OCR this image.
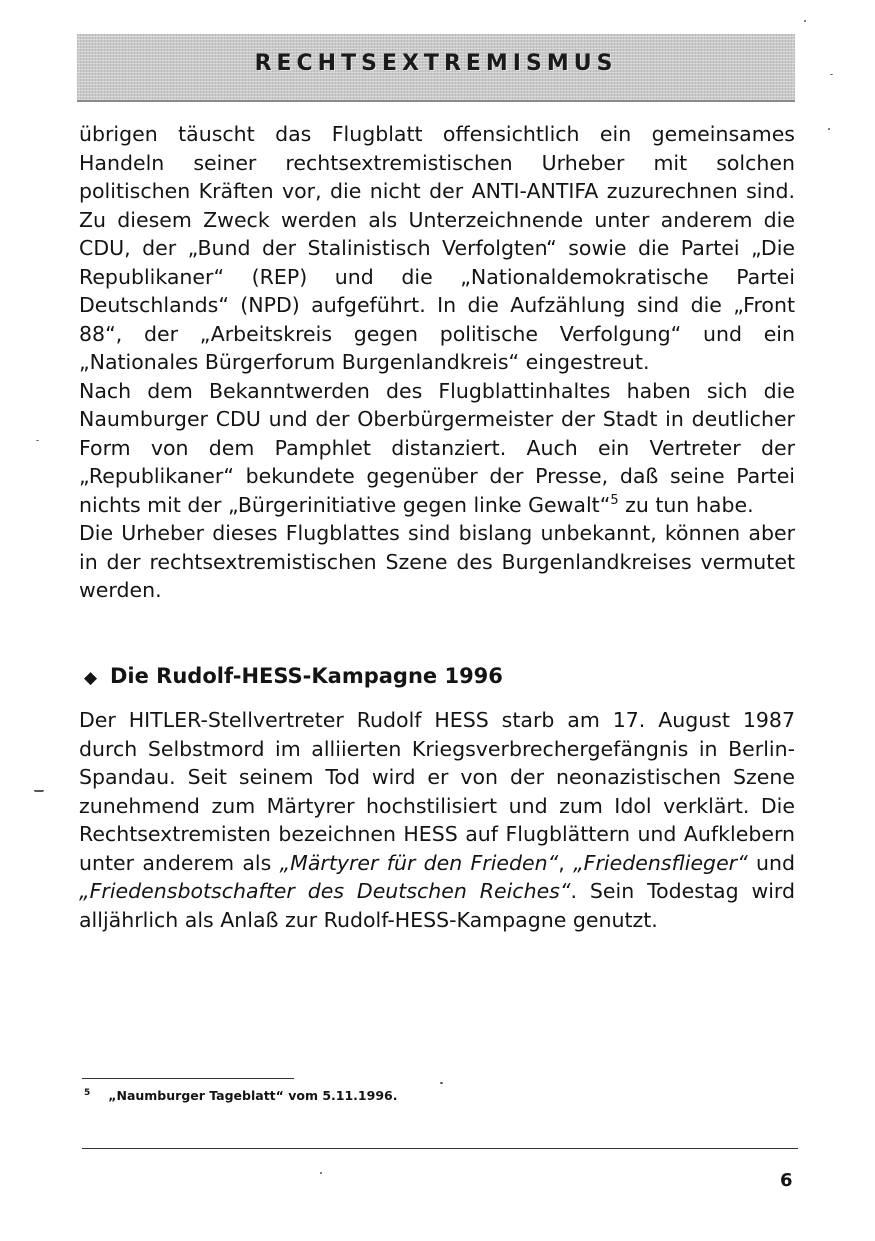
RECHTSEXTREMISMUS

übrigen täuscht das Flugblatt offensichtlich ein gemeinsames Handeln seiner rechtsextremistischen Urheber mit solchen politischen Kräften vor, die nicht der ANTI-ANTIFA zuzurechnen sind. Zu diesem Zweck werden als Unterzeichnende unter anderem die CDU, der „Bund der Stalinistisch Verfolgten“ sowie die Partei „Die Republikaner“ (REP) und die „Nationaldemokratische Partei Deutschlands“ (NPD) aufgeführt. In die Aufzählung sind die „Front 88“, der „Arbeitskreis gegen politische Verfolgung“ und ein „Nationales Bürgerforum Burgenlandkreis“ eingestreut.

Nach dem Bekanntwerden des Flugblattinhaltes haben sich die Naumburger CDU und der Oberbürgermeister der Stadt in deutlicher Form von dem Pamphlet distanziert. Auch ein Vertreter der „Republikaner“ bekundete gegenüber der Presse, daß seine Partei nichts mit der „Bürgerinitiative gegen linke Gewalt“$^5$ zu tun habe.

Die Urheber dieses Flugblattes sind bislang unbekannt, können aber in der rechtsextremistischen Szene des Burgenlandkreises vermutet werden.

◆ Die Rudolf-HESS-Kampagne 1996

Der HITLER-Stellvertreter Rudolf HESS starb am 17. August 1987 durch Selbstmord im alliierten Kriegsverbrechergefängnis in Berlin-Spandau. Seit seinem Tod wird er von der neonazistischen Szene zunehmend zum Märtyrer hochstilisiert und zum Idol verklärt. Die Rechtsextremisten bezeichnen HESS auf Flugblättern und Aufklebern unter anderem als „Märtyrer für den Frieden“, „Friedensflieger“ und „Friedensbotschafter des Deutschen Reiches“. Sein Todestag wird alljährlich als Anlaß zur Rudolf-HESS-Kampagne genutzt.

$^5$ „Naumburger Tageblatt“ vom 5.11.1996.
6
